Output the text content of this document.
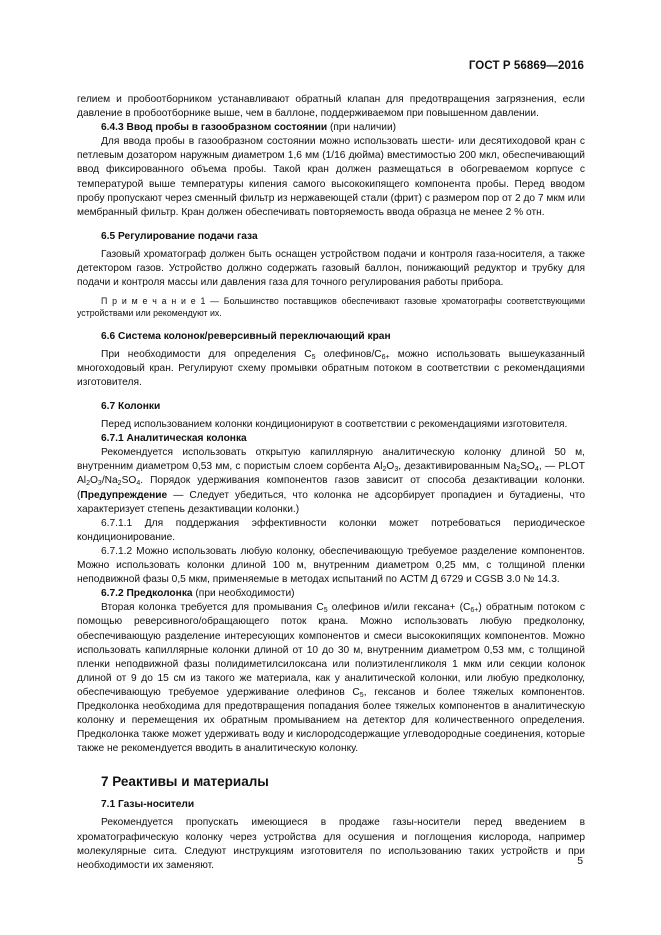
ГОСТ Р 56869—2016

гелием и пробоотборником устанавливают обратный клапан для предотвращения загрязнения, если давление в пробоотборнике выше, чем в баллоне, поддерживаемом при повышенном давлении.

6.4.3 Ввод пробы в газообразном состоянии (при наличии)

Для ввода пробы в газообразном состоянии можно использовать шести- или десятиходовой кран с петлевым дозатором наружным диаметром 1,6 мм (1/16 дюйма) вместимостью 200 мкл, обеспечивающий ввод фиксированного объема пробы. Такой кран должен размещаться в обогреваемом корпусе с температурой выше температуры кипения самого высококипящего компонента пробы. Перед вводом пробу пропускают через сменный фильтр из нержавеющей стали (фрит) с размером пор от 2 до 7 мкм или мембранный фильтр. Кран должен обеспечивать повторяемость ввода образца не менее 2 % отн.

6.5 Регулирование подачи газа

Газовый хроматограф должен быть оснащен устройством подачи и контроля газа-носителя, а также детектором газов. Устройство должно содержать газовый баллон, понижающий редуктор и трубку для подачи и контроля массы или давления газа для точного регулирования работы прибора.

П р и м е ч а н и е 1 — Большинство поставщиков обеспечивают газовые хроматографы соответствующими устройствами или рекомендуют их.

6.6 Система колонок/реверсивный переключающий кран

При необходимости для определения $C_5$ олефинов/$C_{6+}$ можно использовать вышеуказанный многоходовый кран. Регулируют схему промывки обратным потоком в соответствии с рекомендациями изготовителя.

6.7 Колонки

Перед использованием колонки кондиционируют в соответствии с рекомендациями изготовителя.

6.7.1 Аналитическая колонка

Рекомендуется использовать открытую капиллярную аналитическую колонку длиной 50 м, внутренним диаметром 0,53 мм, с пористым слоем сорбента $Al_2O_3$, дезактивированным $Na_2SO_4$, — PLOT $Al_2O_3/Na_2SO_4$. Порядок удерживания компонентов газов зависит от способа дезактивации колонки. (Предупреждение — Следует убедиться, что колонка не адсорбирует пропадиен и бутадиены, что характеризует степень дезактивации колонки.)

6.7.1.1 Для поддержания эффективности колонки может потребоваться периодическое кондиционирование.

6.7.1.2 Можно использовать любую колонку, обеспечивающую требуемое разделение компонентов. Можно использовать колонки длиной 100 м, внутренним диаметром 0,25 мм, с толщиной пленки неподвижной фазы 0,5 мкм, применяемые в методах испытаний по АСТМ Д 6729 и CGSB 3.0 № 14.3.

6.7.2 Предколонка (при необходимости)

Вторая колонка требуется для промывания $C_5$ олефинов и/или гексана+ $(C_{6+})$ обратным потоком с помощью реверсивного/обращающего поток крана. Можно использовать любую предколонку, обеспечивающую разделение интересующих компонентов и смеси высококипящих компонентов. Можно использовать капиллярные колонки длиной от 10 до 30 м, внутренним диаметром 0,53 мм, с толщиной пленки неподвижной фазы полидиметилсилоксана или полиэтиленгликоля 1 мкм или секции колонок длиной от 9 до 15 см из такого же материала, как у аналитической колонки, или любую предколонку, обеспечивающую требуемое удерживание олефинов $C_5$, гексанов и более тяжелых компонентов. Предколонка необходима для предотвращения попадания более тяжелых компонентов в аналитическую колонку и перемещения их обратным промыванием на детектор для количественного определения. Предколонка также может удерживать воду и кислородсодержащие углеводородные соединения, которые также не рекомендуется вводить в аналитическую колонку.

7 Реактивы и материалы

7.1 Газы-носители

Рекомендуется пропускать имеющиеся в продаже газы-носители перед введением в хроматографическую колонку через устройства для осушения и поглощения кислорода, например молекулярные сита. Следуют инструкциям изготовителя по использованию таких устройств и при необходимости их заменяют.	5
